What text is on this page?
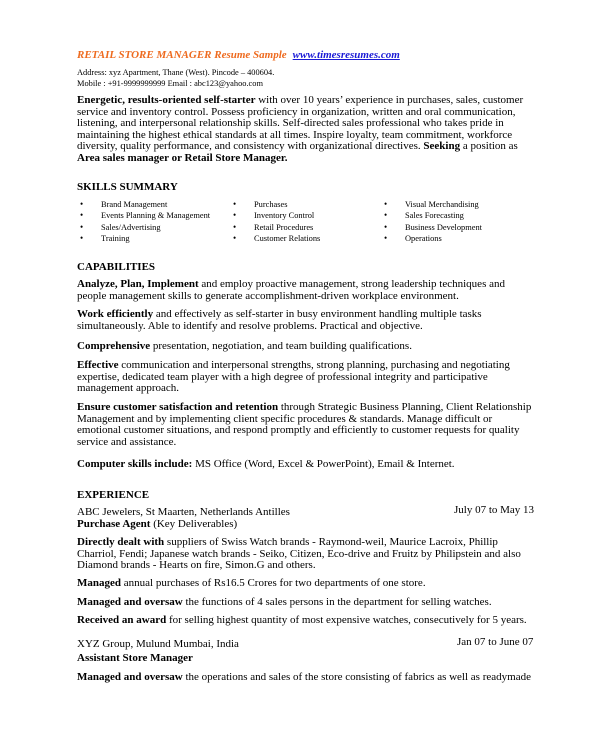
RETAIL STORE MANAGER Resume Sample www.timesresumes.com
Address: xyz Apartment, Thane (West). Pincode – 400604.
Mobile : +91-9999999999 Email : abc123@yahoo.com
Energetic, results-oriented self-starter with over 10 years’ experience in purchases, sales, customer service and inventory control. Possess proficiency in organization, written and oral communication, listening, and interpersonal relationship skills. Self-directed sales professional who takes pride in maintaining the highest ethical standards at all times. Inspire loyalty, team commitment, workforce diversity, quality performance, and consistency with organizational directives. Seeking a position as Area sales manager or Retail Store Manager.
SKILLS SUMMARY
• Brand Management
• Events Planning & Management
• Sales/Advertising
• Training
• Purchases
• Inventory Control
• Retail Procedures
• Customer Relations
• Visual Merchandising
• Sales Forecasting
• Business Development
• Operations
CAPABILITIES
Analyze, Plan, Implement and employ proactive management, strong leadership techniques and people management skills to generate accomplishment-driven workplace environment.
Work efficiently and effectively as self-starter in busy environment handling multiple tasks simultaneously. Able to identify and resolve problems. Practical and objective.
Comprehensive presentation, negotiation, and team building qualifications.
Effective communication and interpersonal strengths, strong planning, purchasing and negotiating expertise, dedicated team player with a high degree of professional integrity and participative management approach.
Ensure customer satisfaction and retention through Strategic Business Planning, Client Relationship Management and by implementing client specific procedures & standards. Manage difficult or emotional customer situations, and respond promptly and efficiently to customer requests for quality service and assistance.
Computer skills include: MS Office (Word, Excel & PowerPoint), Email & Internet.
EXPERIENCE
ABC Jewelers, St Maarten, Netherlands Antilles	July 07 to May 13
Purchase Agent (Key Deliverables)
Directly dealt with suppliers of Swiss Watch brands - Raymond-weil, Maurice Lacroix, Phillip Charriol, Fendi; Japanese watch brands - Seiko, Citizen, Eco-drive and Fruitz by Philipstein and also Diamond brands - Hearts on fire, Simon.G and others.
Managed annual purchases of Rs16.5 Crores for two departments of one store.
Managed and oversaw the functions of 4 sales persons in the department for selling watches.
Received an award for selling highest quantity of most expensive watches, consecutively for 5 years.
XYZ Group, Mulund Mumbai, India	Jan 07 to June 07
Assistant Store Manager
Managed and oversaw the operations and sales of the store consisting of fabrics as well as readymade
